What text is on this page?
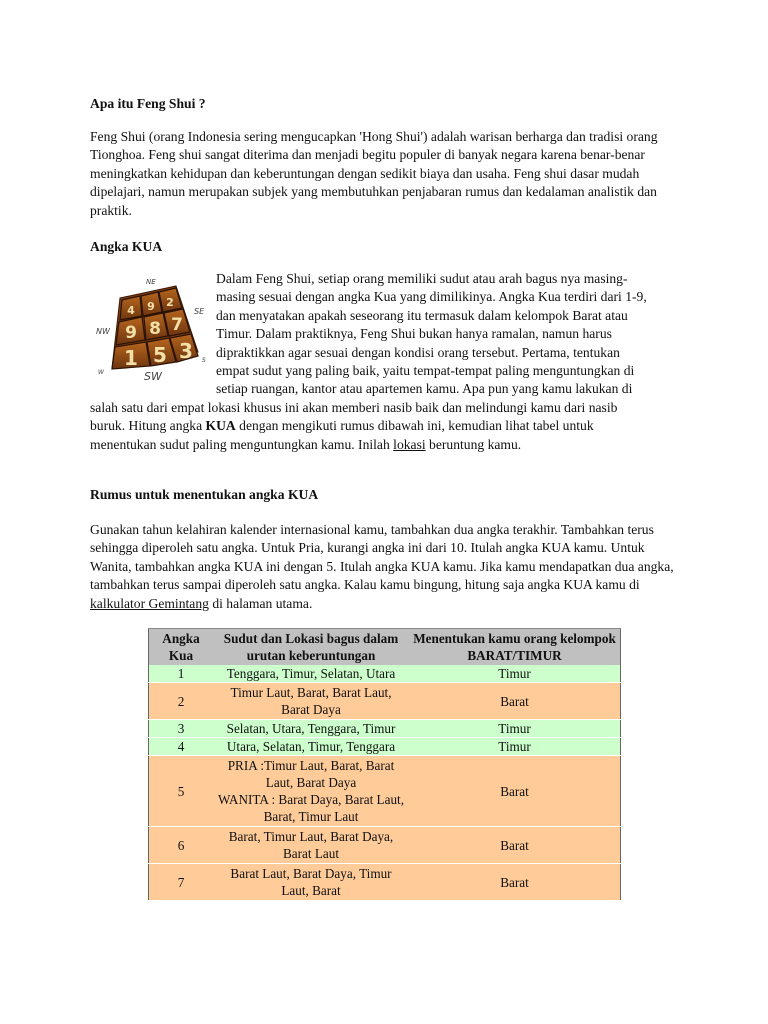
Apa itu Feng Shui ?

Feng Shui (orang Indonesia sering mengucapkan 'Hong Shui') adalah warisan berharga dan tradisi orang Tionghoa. Feng shui sangat diterima dan menjadi begitu populer di banyak negara karena benar-benar meningkatkan kehidupan dan keberuntungan dengan sedikit biaya dan usaha. Feng shui dasar mudah dipelajari, namun merupakan subjek yang membutuhkan penjabaran rumus dan kedalaman analistik dan praktik.

Angka KUA
4 9 2
9 8 7
1 5 3
NE
SE
NW
SW
W
S

Dalam Feng Shui, setiap orang memiliki sudut atau arah bagus nya masing-masing sesuai dengan angka Kua yang dimilikinya. Angka Kua terdiri dari 1-9, dan menyatakan apakah seseorang itu termasuk dalam kelompok Barat atau Timur. Dalam praktiknya, Feng Shui bukan hanya ramalan, namun harus dipraktikkan agar sesuai dengan kondisi orang tersebut. Pertama, tentukan empat sudut yang paling baik, yaitu tempat-tempat paling menguntungkan di setiap ruangan, kantor atau apartemen kamu. Apa pun yang kamu lakukan di salah satu dari empat lokasi khusus ini akan memberi nasib baik dan melindungi kamu dari nasib buruk. Hitung angka KUA dengan mengikuti rumus dibawah ini, kemudian lihat tabel untuk menentukan sudut paling menguntungkan kamu. Inilah lokasi beruntung kamu.

Rumus untuk menentukan angka KUA

Gunakan tahun kelahiran kalender internasional kamu, tambahkan dua angka terakhir. Tambahkan terus sehingga diperoleh satu angka. Untuk Pria, kurangi angka ini dari 10. Itulah angka KUA kamu. Untuk Wanita, tambahkan angka KUA ini dengan 5. Itulah angka KUA kamu. Jika kamu mendapatkan dua angka, tambahkan terus sampai diperoleh satu angka. Kalau kamu bingung, hitung saja angka KUA kamu di kalkulator Gemintang di halaman utama.

Angka Kua	Sudut dan Lokasi bagus dalam urutan keberuntungan	Menentukan kamu orang kelompok BARAT/TIMUR
1	Tenggara, Timur, Selatan, Utara	Timur
2	Timur Laut, Barat, Barat Laut, Barat Daya	Barat
3	Selatan, Utara, Tenggara, Timur	Timur
4	Utara, Selatan, Timur, Tenggara	Timur
5	PRIA :Timur Laut, Barat, Barat Laut, Barat Daya
WANITA : Barat Daya, Barat Laut, Barat, Timur Laut	Barat
6	Barat, Timur Laut, Barat Daya, Barat Laut	Barat
7	Barat Laut, Barat Daya, Timur Laut, Barat	Barat
